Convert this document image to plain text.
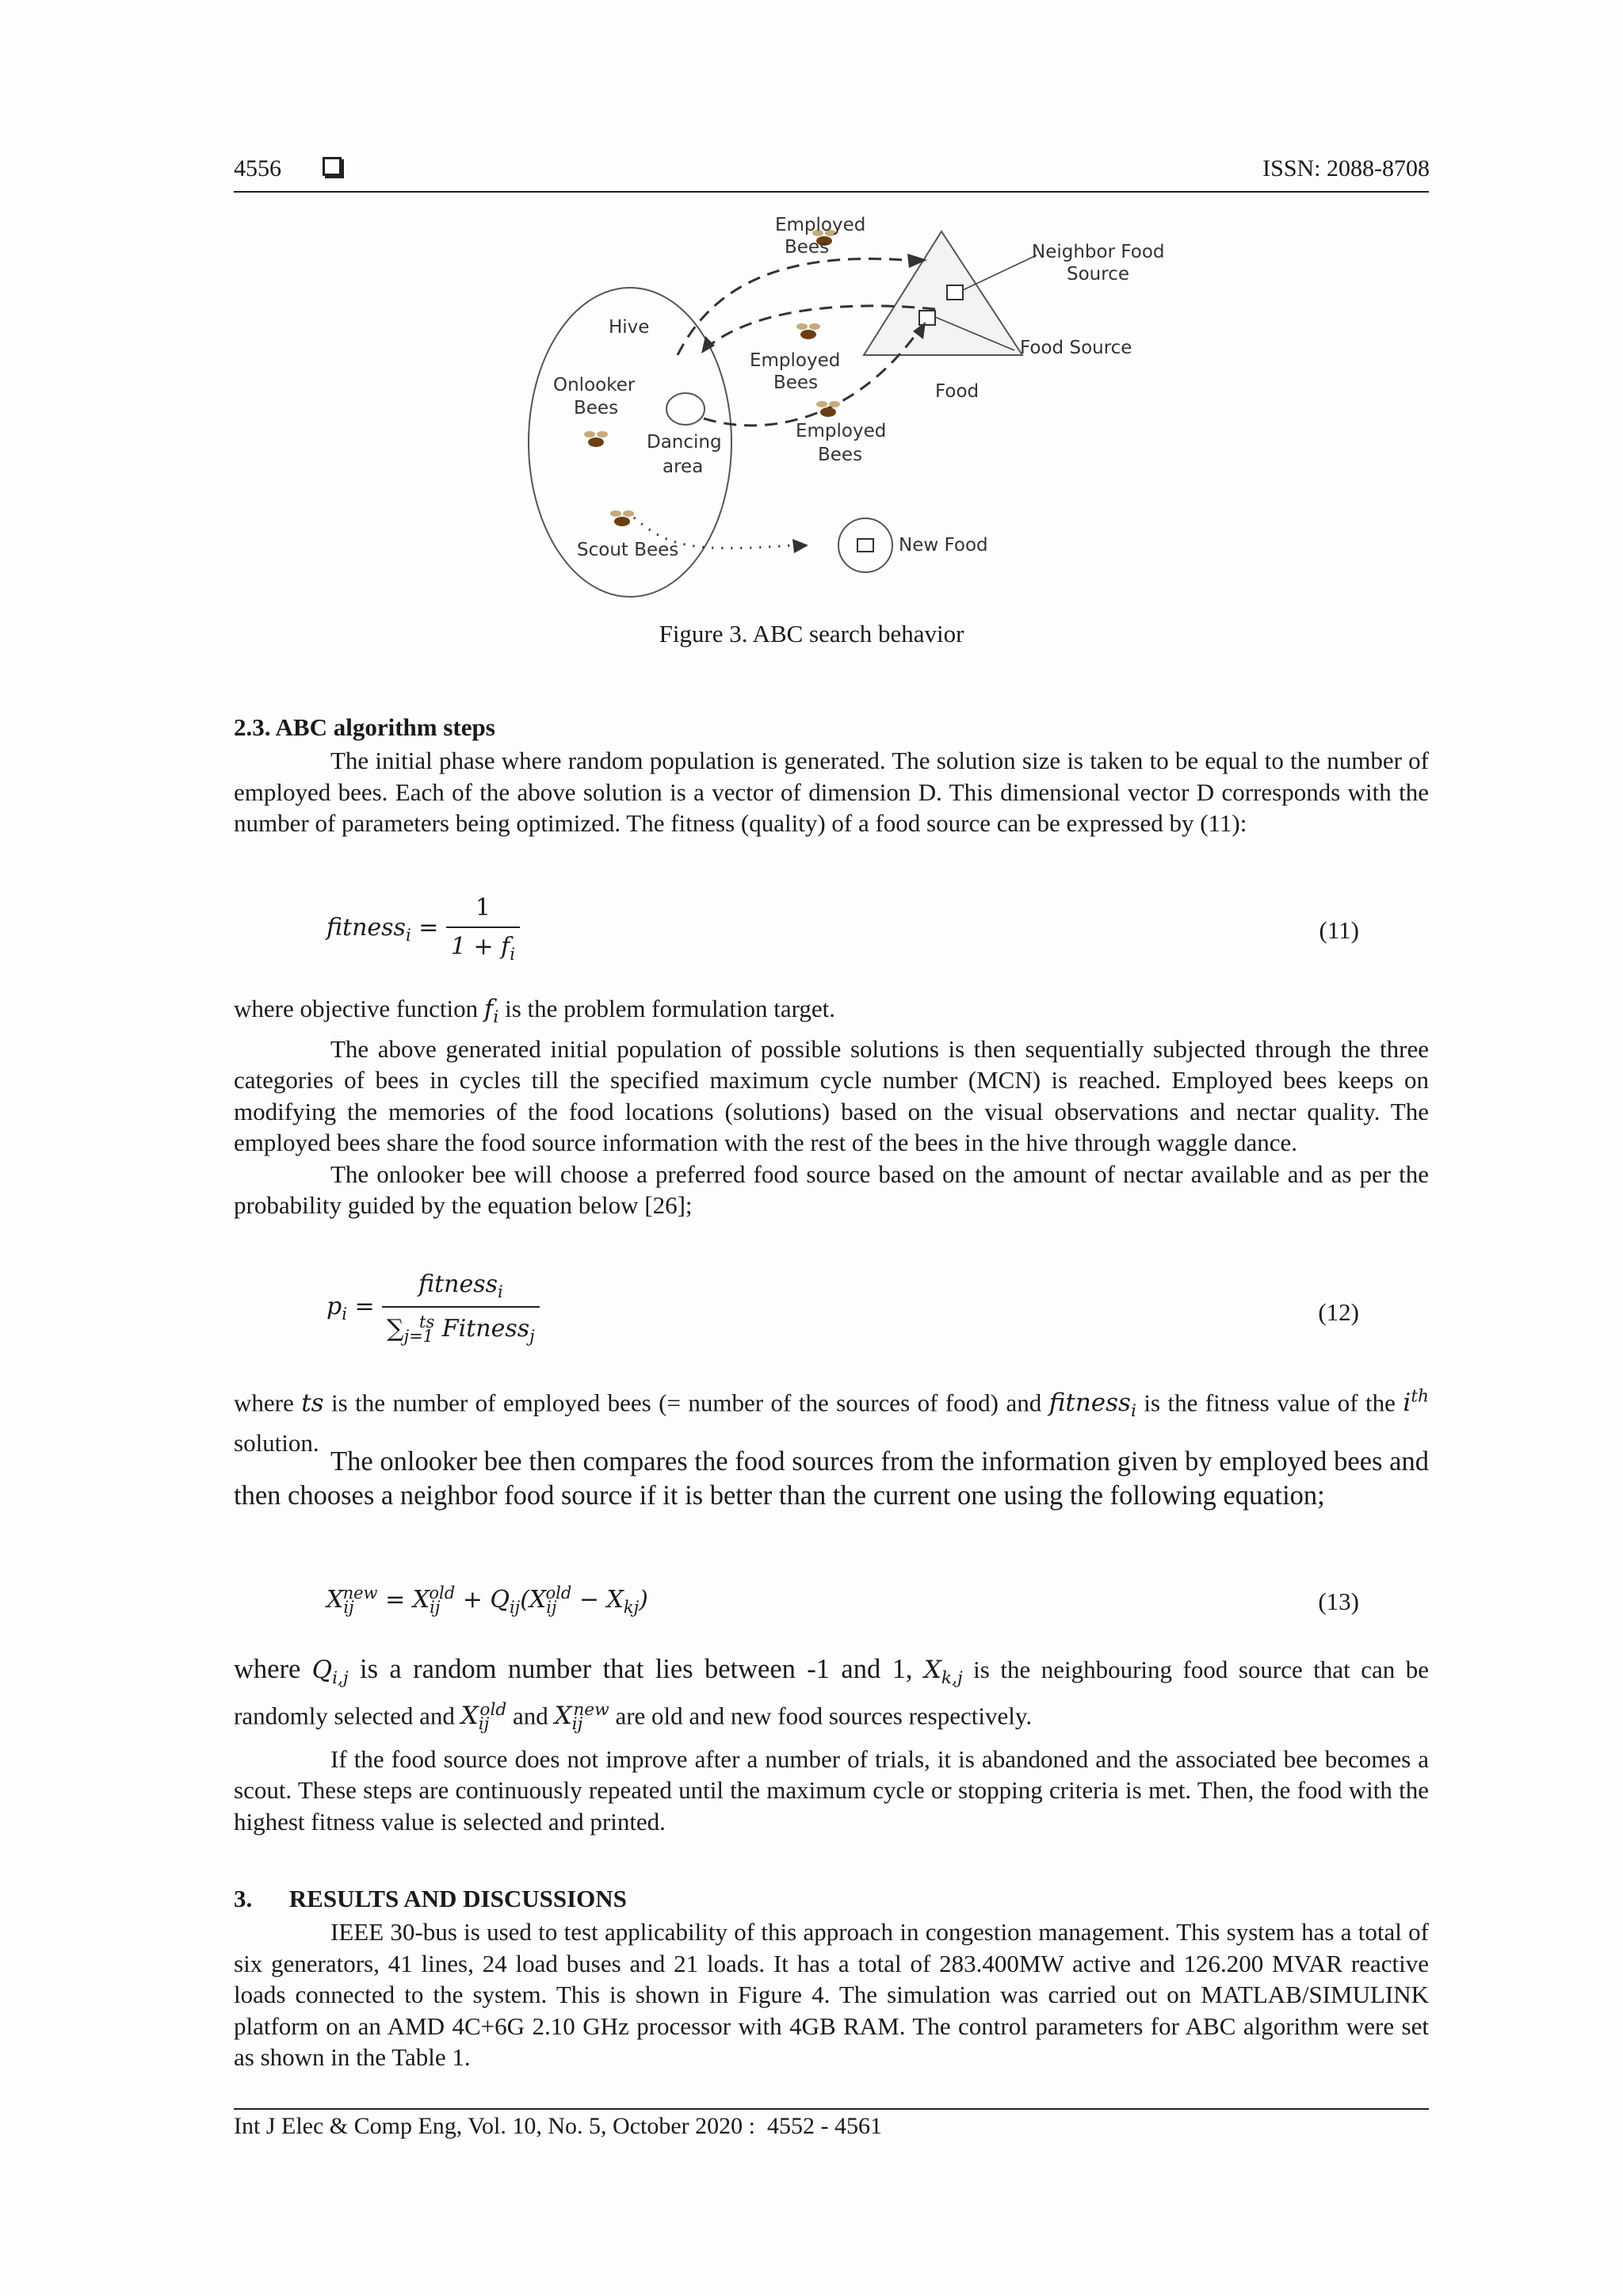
4556	ISSN: 2088-8708
Employed
Bees	Neighbor Food
Source
Hive
Employed
Bees
Food Source
Onlooker
Bees
Food
Dancing
area
Employed
Bees
Scout Bees	New Food
Figure 3. ABC search behavior
2.3. ABC algorithm steps

The initial phase where random population is generated. The solution size is taken to be equal to the number of employed bees. Each of the above solution is a vector of dimension D. This dimensional vector D corresponds with the number of parameters being optimized. The fitness (quality) of a food source can be expressed by (11):

fitness$_i$ = $\frac{1}{1 + f_i}$	(11)

where objective function $f_i$ is the problem formulation target.

The above generated initial population of possible solutions is then sequentially subjected through the three categories of bees in cycles till the specified maximum cycle number (MCN) is reached. Employed bees keeps on modifying the memories of the food locations (solutions) based on the visual observations and nectar quality. The employed bees share the food source information with the rest of the bees in the hive through waggle dance.

The onlooker bee will choose a preferred food source based on the amount of nectar available and as per the probability guided by the equation below [26];

$p_i = \frac{fitness_i}{\sum_{j=1}^{ts} Fitness_j}$	(12)

where ts is the number of employed bees (= number of the sources of food) and fitness$_i$ is the fitness value of the $i^{th}$ solution.

The onlooker bee then compares the food sources from the information given by employed bees and then chooses a neighbor food source if it is better than the current one using the following equation;

$X_{ij}^{new} = X_{ij}^{old} + Q_{ij}(X_{ij}^{old} - X_{kj})$	(13)

where $Q_{i,j}$ is a random number that lies between -1 and 1, $X_{k,j}$ is the neighbouring food source that can be randomly selected and $X_{ij}^{old}$ and $X_{ij}^{new}$ are old and new food sources respectively.

If the food source does not improve after a number of trials, it is abandoned and the associated bee becomes a scout. These steps are continuously repeated until the maximum cycle or stopping criteria is met. Then, the food with the highest fitness value is selected and printed.

3.      RESULTS AND DISCUSSIONS

IEEE 30-bus is used to test applicability of this approach in congestion management. This system has a total of six generators, 41 lines, 24 load buses and 21 loads. It has a total of 283.400MW active and 126.200 MVAR reactive loads connected to the system. This is shown in Figure 4. The simulation was carried out on MATLAB/SIMULINK platform on an AMD 4C+6G 2.10 GHz processor with 4GB RAM. The control parameters for ABC algorithm were set as shown in the Table 1.

Int J Elec & Comp Eng, Vol. 10, No. 5, October 2020 :  4552 - 4561
